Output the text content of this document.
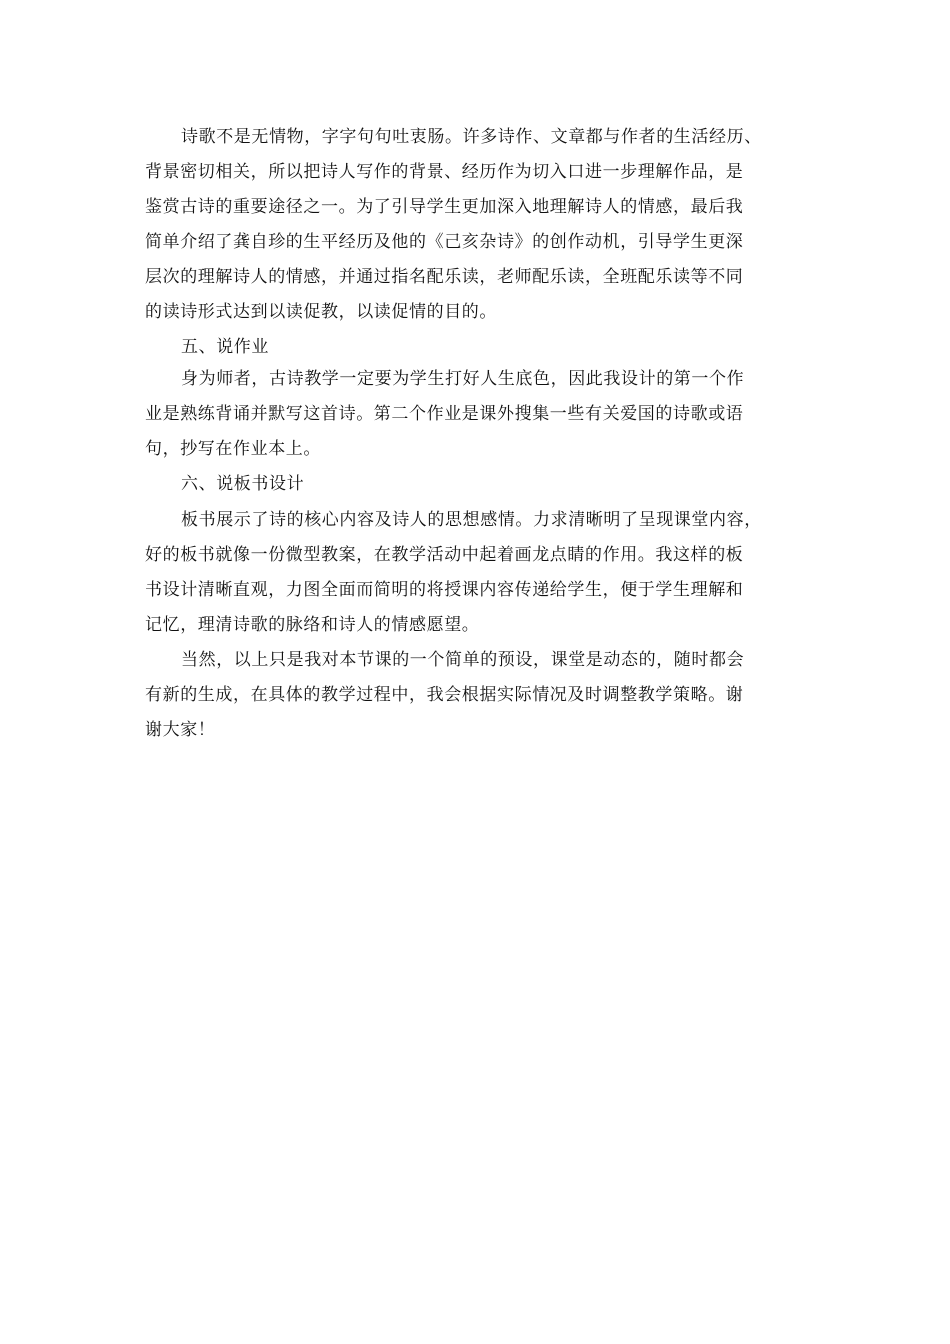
诗歌不是无情物，字字句句吐衷肠。许多诗作、文章都与作者的生活经历、
背景密切相关，所以把诗人写作的背景、经历作为切入口进一步理解作品，是
鉴赏古诗的重要途径之一。为了引导学生更加深入地理解诗人的情感，最后我
简单介绍了龚自珍的生平经历及他的《己亥杂诗》的创作动机，引导学生更深
层次的理解诗人的情感，并通过指名配乐读，老师配乐读，全班配乐读等不同
的读诗形式达到以读促教，以读促情的目的。
五、说作业
身为师者，古诗教学一定要为学生打好人生底色，因此我设计的第一个作
业是熟练背诵并默写这首诗。第二个作业是课外搜集一些有关爱国的诗歌或语
句，抄写在作业本上。
六、说板书设计
板书展示了诗的核心内容及诗人的思想感情。力求清晰明了呈现课堂内容，
好的板书就像一份微型教案，在教学活动中起着画龙点睛的作用。我这样的板
书设计清晰直观，力图全面而简明的将授课内容传递给学生，便于学生理解和
记忆，理清诗歌的脉络和诗人的情感愿望。
当然，以上只是我对本节课的一个简单的预设，课堂是动态的，随时都会
有新的生成，在具体的教学过程中，我会根据实际情况及时调整教学策略。谢
谢大家！
